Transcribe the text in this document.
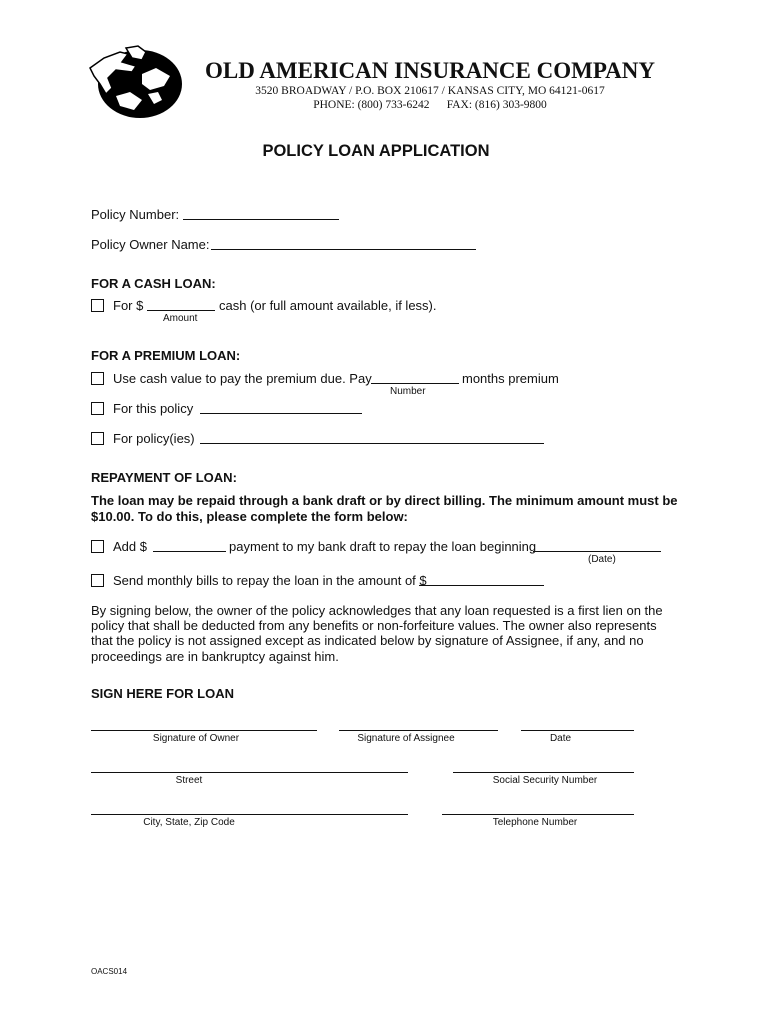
OLD AMERICAN INSURANCE COMPANY
3520 BROADWAY / P.O. BOX 210617 / KANSAS CITY, MO 64121-0617
PHONE: (800) 733-6242      FAX: (816) 303-9800
POLICY LOAN APPLICATION
Policy Number:
Policy Owner Name:
FOR A CASH LOAN:
For $	cash (or full amount available, if less).
Amount
FOR A PREMIUM LOAN:
Use cash value to pay the premium due. Pay	months premium
Number
For this policy
For policy(ies)
REPAYMENT OF LOAN:
The loan may be repaid through a bank draft or by direct billing. The minimum amount must be
$10.00. To do this, please complete the form below:
Add $	payment to my bank draft to repay the loan beginning
(Date)
Send monthly bills to repay the loan in the amount of $
By signing below, the owner of the policy acknowledges that any loan requested is a first lien on the
policy that shall be deducted from any benefits or non-forfeiture values. The owner also represents
that the policy is not assigned except as indicated below by signature of Assignee, if any, and no
proceedings are in bankruptcy against him.
SIGN HERE FOR LOAN
Signature of Owner	Signature of Assignee	Date
Street	Social Security Number
City, State, Zip Code	Telephone Number
OACS014
